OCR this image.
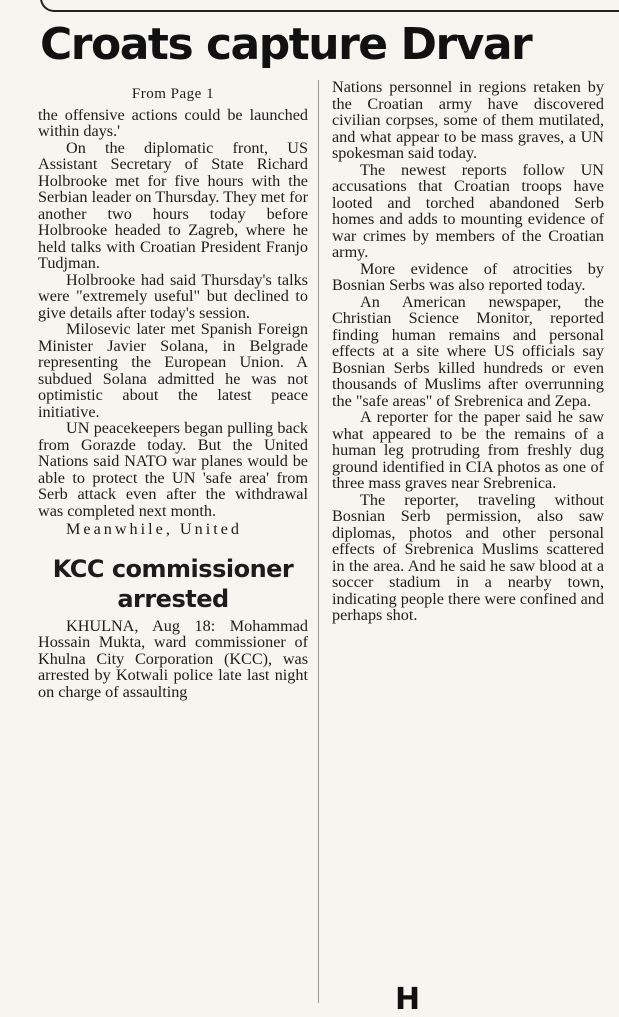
Croats capture Drvar
From Page 1

the offensive actions could be launched within days.'

On the diplomatic front, US Assistant Secretary of State Richard Holbrooke met for five hours with the Serbian leader on Thursday. They met for another two hours today before Holbrooke headed to Zagreb, where he held talks with Croatian President Franjo Tudjman.

Holbrooke had said Thursday's talks were "extremely useful" but declined to give details after today's session.

Milosevic later met Spanish Foreign Minister Javier Solana, in Belgrade representing the European Union. A subdued Solana admitted he was not optimistic about the latest peace initiative.

UN peacekeepers began pulling back from Gorazde today. But the United Nations said NATO war planes would be able to protect the UN 'safe area' from Serb attack even after the withdrawal was completed next month.

Meanwhile, United

KCC commissioner arrested

KHULNA, Aug 18: Mohammad Hossain Mukta, ward commissioner of Khulna City Corporation (KCC), was arrested by Kotwali police late last night on charge of assaulting

Nations personnel in regions retaken by the Croatian army have discovered civilian corpses, some of them mutilated, and what appear to be mass graves, a UN spokesman said today.

The newest reports follow UN accusations that Croatian troops have looted and torched abandoned Serb homes and adds to mounting evidence of war crimes by members of the Croatian army.

More evidence of atrocities by Bosnian Serbs was also reported today.

An American newspaper, the Christian Science Monitor, reported finding human remains and personal effects at a site where US officials say Bosnian Serbs killed hundreds or even thousands of Muslims after overrunning the "safe areas" of Srebrenica and Zepa.

A reporter for the paper said he saw what appeared to be the remains of a human leg protruding from freshly dug ground identified in CIA photos as one of three mass graves near Srebrenica.

The reporter, traveling without Bosnian Serb permission, also saw diplomas, photos and other personal effects of Srebrenica Muslims scattered in the area. And he said he saw blood at a soccer stadium in a nearby town, indicating people there were confined and perhaps shot.

H
